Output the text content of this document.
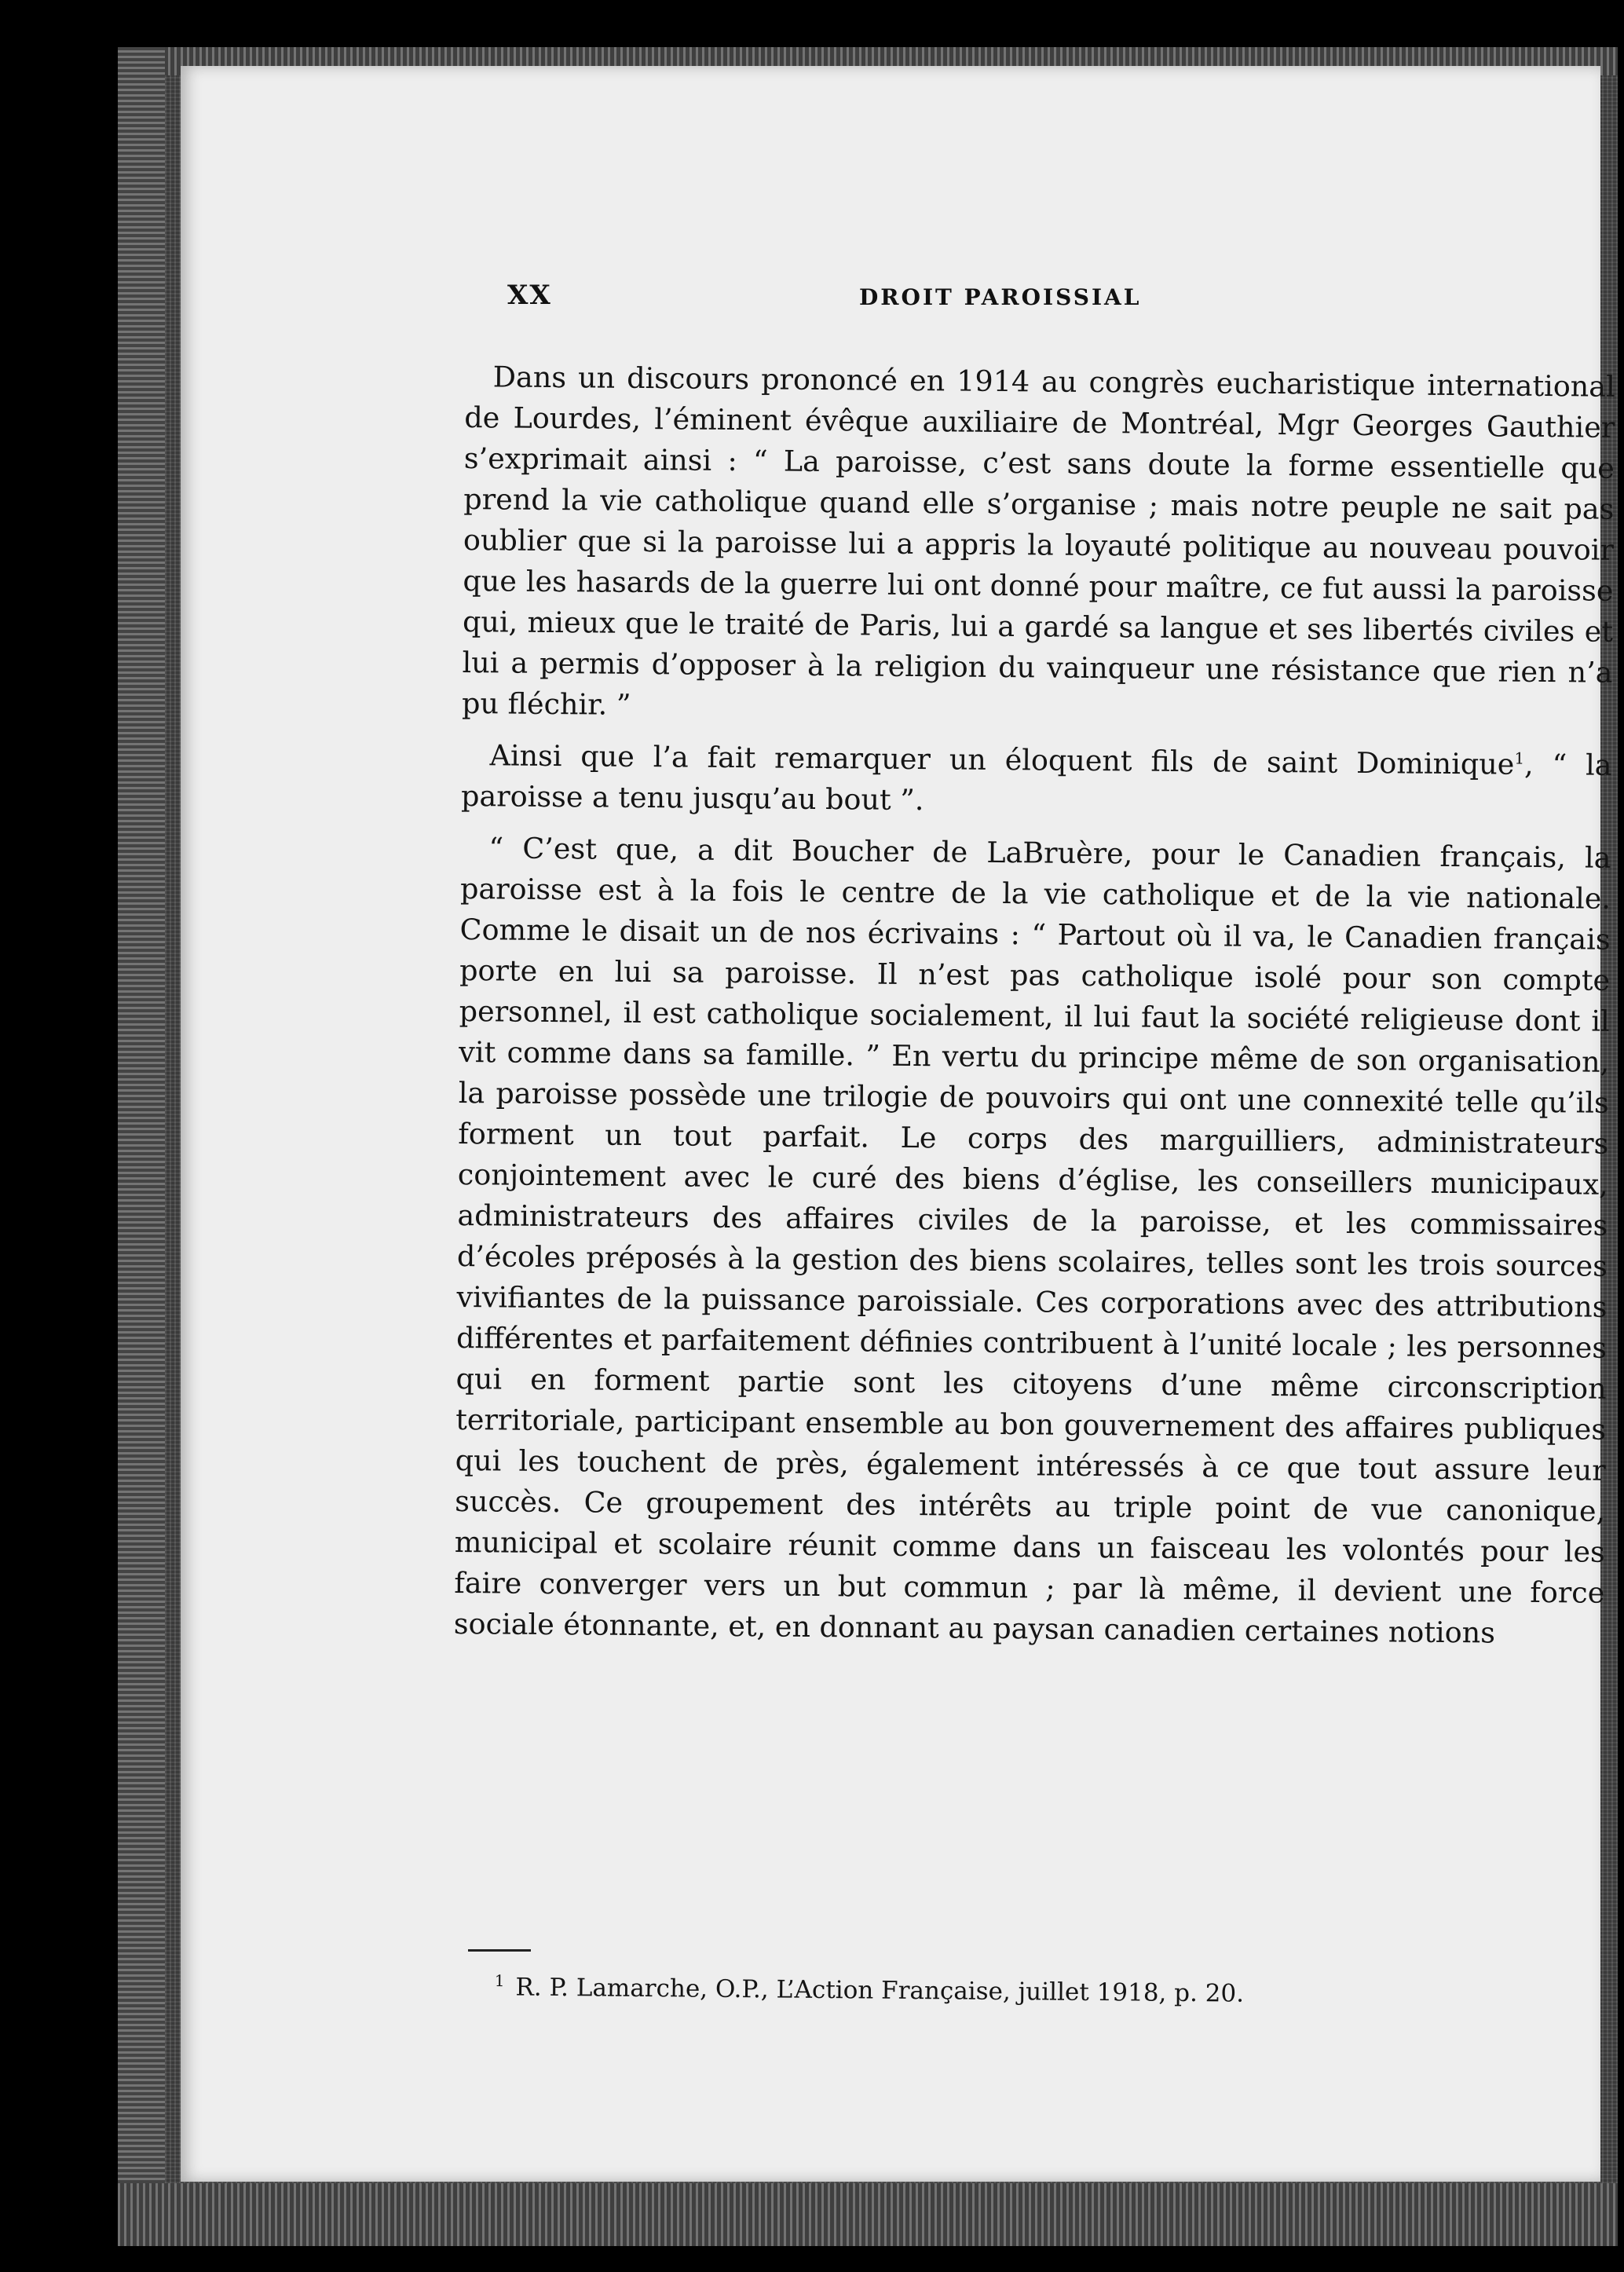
XX	DROIT PAROISSIAL

Dans un discours prononcé en 1914 au congrès eucharistique international de Lourdes, l’éminent évêque auxiliaire de Montréal, Mgr Georges Gauthier s’exprimait ainsi : “ La paroisse, c’est sans doute la forme essentielle que prend la vie catholique quand elle s’organise ; mais notre peuple ne sait pas oublier que si la paroisse lui a appris la loyauté politique au nouveau pouvoir que les hasards de la guerre lui ont donné pour maître, ce fut aussi la paroisse qui, mieux que le traité de Paris, lui a gardé sa langue et ses libertés civiles et lui a permis d’opposer à la religion du vainqueur une résistance que rien n’a pu fléchir. ”

Ainsi que l’a fait remarquer un éloquent fils de saint Dominique$^1$, “ la paroisse a tenu jusqu’au bout ”.

“ C’est que, a dit Boucher de LaBruère, pour le Canadien français, la paroisse est à la fois le centre de la vie catholique et de la vie nationale. Comme le disait un de nos écrivains : “ Partout où il va, le Canadien français porte en lui sa paroisse. Il n’est pas catholique isolé pour son compte personnel, il est catholique socialement, il lui faut la société religieuse dont il vit comme dans sa famille. ” En vertu du principe même de son organisation, la paroisse possède une trilogie de pouvoirs qui ont une connexité telle qu’ils forment un tout parfait. Le corps des marguilliers, administrateurs conjointement avec le curé des biens d’église, les conseillers municipaux, administrateurs des affaires civiles de la paroisse, et les commissaires d’écoles préposés à la gestion des biens scolaires, telles sont les trois sources vivifiantes de la puissance paroissiale. Ces corporations avec des attributions différentes et parfaitement définies contribuent à l’unité locale ; les personnes qui en forment partie sont les citoyens d’une même circonscription territoriale, participant ensemble au bon gouvernement des affaires publiques qui les touchent de près, également intéressés à ce que tout assure leur succès. Ce groupement des intérêts au triple point de vue canonique, municipal et scolaire réunit comme dans un faisceau les volontés pour les faire converger vers un but commun ; par là même, il devient une force sociale étonnante, et, en donnant au paysan canadien certaines notions

$^1$ R. P. Lamarche, O.P., L’Action Française, juillet 1918, p. 20.
